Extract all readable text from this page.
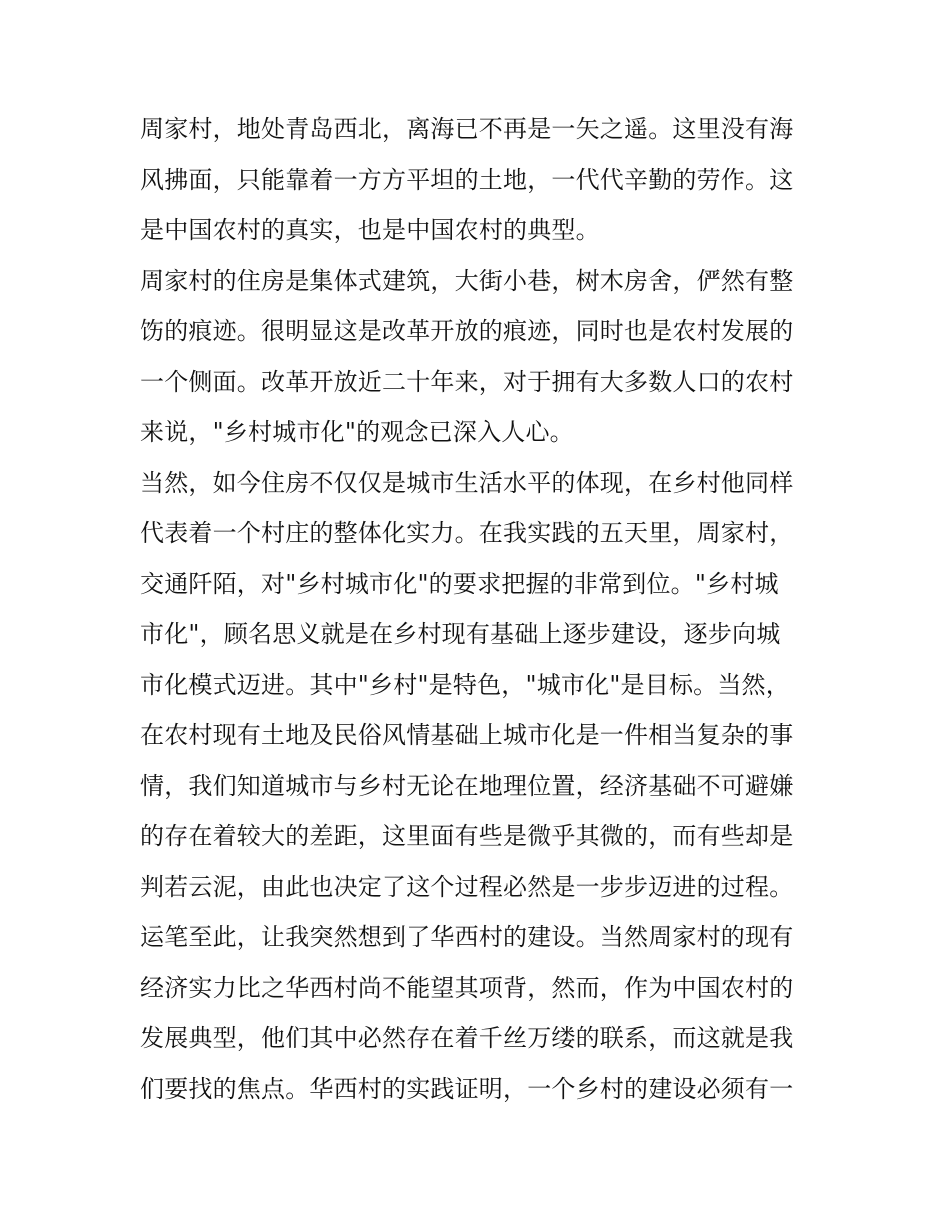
周家村，地处青岛西北，离海已不再是一矢之遥。这里没有海
风拂面，只能靠着一方方平坦的土地，一代代辛勤的劳作。这
是中国农村的真实，也是中国农村的典型。
周家村的住房是集体式建筑，大街小巷，树木房舍，俨然有整
饬的痕迹。很明显这是改革开放的痕迹，同时也是农村发展的
一个侧面。改革开放近二十年来，对于拥有大多数人口的农村
来说，"乡村城市化"的观念已深入人心。
当然，如今住房不仅仅是城市生活水平的体现，在乡村他同样
代表着一个村庄的整体化实力。在我实践的五天里，周家村，
交通阡陌，对"乡村城市化"的要求把握的非常到位。"乡村城
市化"，顾名思义就是在乡村现有基础上逐步建设，逐步向城
市化模式迈进。其中"乡村"是特色，"城市化"是目标。当然，
在农村现有土地及民俗风情基础上城市化是一件相当复杂的事
情，我们知道城市与乡村无论在地理位置，经济基础不可避嫌
的存在着较大的差距，这里面有些是微乎其微的，而有些却是
判若云泥，由此也决定了这个过程必然是一步步迈进的过程。
运笔至此，让我突然想到了华西村的建设。当然周家村的现有
经济实力比之华西村尚不能望其项背，然而，作为中国农村的
发展典型，他们其中必然存在着千丝万缕的联系，而这就是我
们要找的焦点。华西村的实践证明，一个乡村的建设必须有一
